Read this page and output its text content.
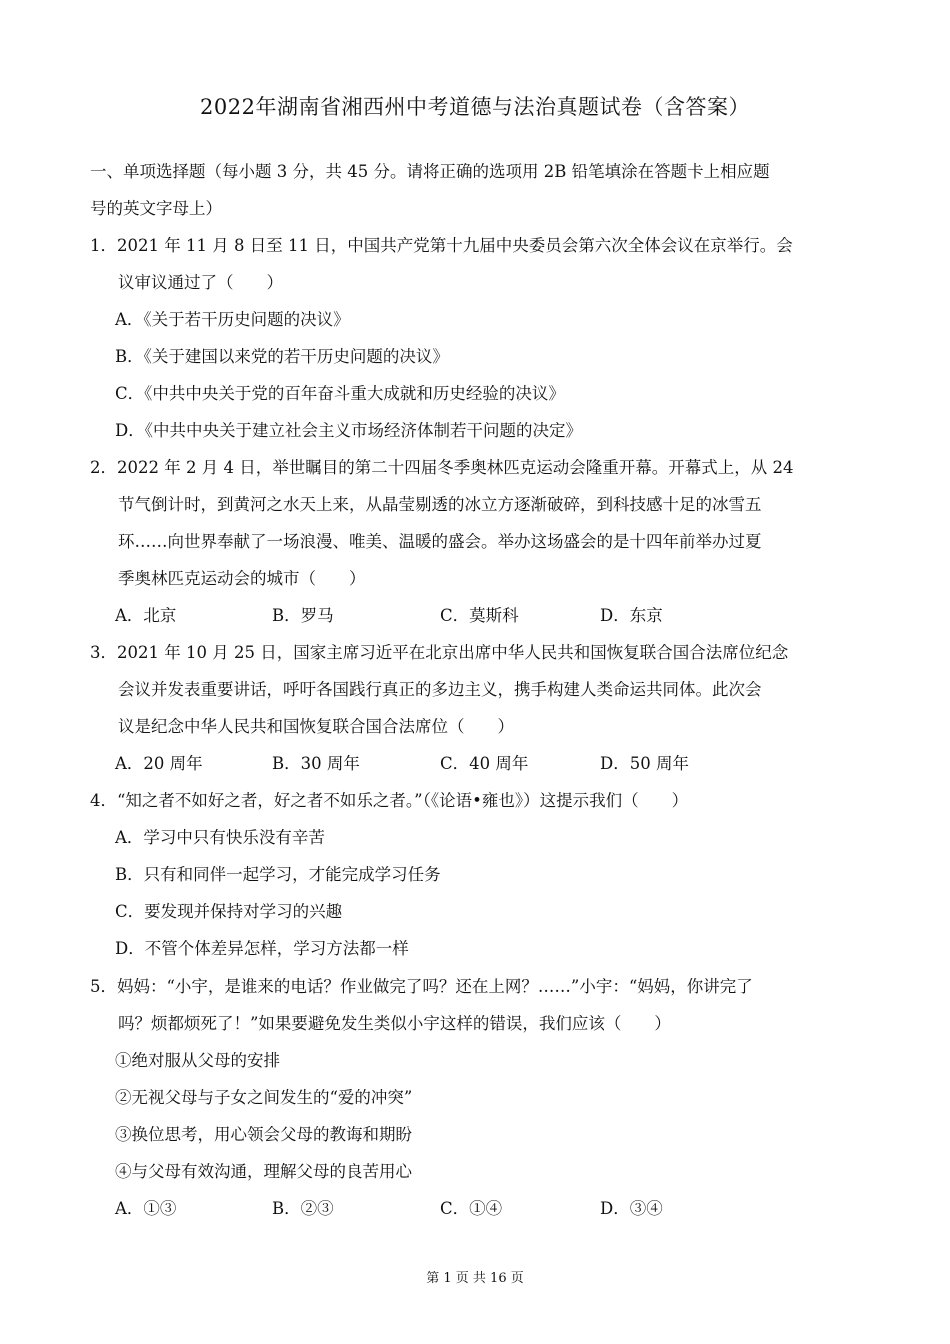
2022年湖南省湘西州中考道德与法治真题试卷（含答案）
一、单项选择题（每小题 3 分，共 45 分。请将正确的选项用 2B 铅笔填涂在答题卡上相应题
号的英文字母上）
1．2021 年 11 月 8 日至 11 日，中国共产党第十九届中央委员会第六次全体会议在京举行。会
议审议通过了（　　）
A．《关于若干历史问题的决议》
B．《关于建国以来党的若干历史问题的决议》
C．《中共中央关于党的百年奋斗重大成就和历史经验的决议》
D．《中共中央关于建立社会主义市场经济体制若干问题的决定》
2．2022 年 2 月 4 日，举世瞩目的第二十四届冬季奥林匹克运动会隆重开幕。开幕式上，从 24
节气倒计时，到黄河之水天上来，从晶莹剔透的冰立方逐渐破碎，到科技感十足的冰雪五
环……向世界奉献了一场浪漫、唯美、温暖的盛会。举办这场盛会的是十四年前举办过夏
季奥林匹克运动会的城市（　　）
A．北京	B．罗马	C．莫斯科	D．东京
3．2021 年 10 月 25 日，国家主席习近平在北京出席中华人民共和国恢复联合国合法席位纪念
会议并发表重要讲话，呼吁各国践行真正的多边主义，携手构建人类命运共同体。此次会
议是纪念中华人民共和国恢复联合国合法席位（　　）
A．20 周年	B．30 周年	C．40 周年	D．50 周年
4．“知之者不如好之者，好之者不如乐之者。”（《论语•雍也》）这提示我们（　　）
A．学习中只有快乐没有辛苦
B．只有和同伴一起学习，才能完成学习任务
C．要发现并保持对学习的兴趣
D．不管个体差异怎样，学习方法都一样
5．妈妈：“小宇，是谁来的电话？作业做完了吗？还在上网？……”小宇：“妈妈，你讲完了
吗？烦都烦死了！”如果要避免发生类似小宇这样的错误，我们应该（　　）
①绝对服从父母的安排
②无视父母与子女之间发生的“爱的冲突”
③换位思考，用心领会父母的教诲和期盼
④与父母有效沟通，理解父母的良苦用心
A．①③	B．②③	C．①④	D．③④
第 1 页 共 16 页
